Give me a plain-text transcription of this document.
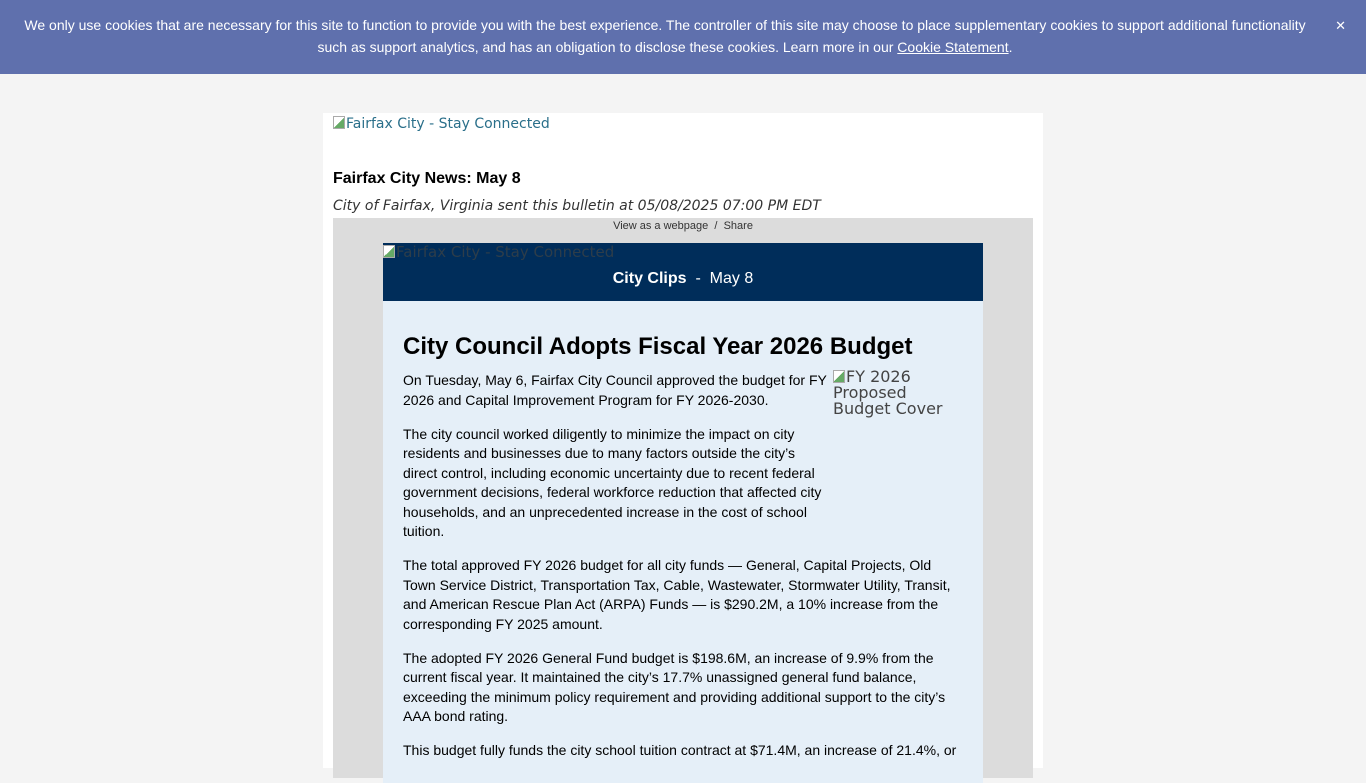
We only use cookies that are necessary for this site to function to provide you with the best experience. The controller of this site may choose to place supplementary cookies to support additional functionality such as support analytics, and has an obligation to disclose these cookies. Learn more in our Cookie Statement.
✕
Fairfax City - Stay Connected
Fairfax City News: May 8
City of Fairfax, Virginia sent this bulletin at 05/08/2025 07:00 PM EDT
View as a webpage / Share
Fairfax City - Stay Connected
City Clips - May 8
City Council Adopts Fiscal Year 2026 Budget
FY 2026 Proposed Budget Cover

On Tuesday, May 6, Fairfax City Council approved the budget for FY 2026 and Capital Improvement Program for FY 2026-2030.

The city council worked diligently to minimize the impact on city residents and businesses due to many factors outside the city’s direct control, including economic uncertainty due to recent federal government decisions, federal workforce reduction that affected city households, and an unprecedented increase in the cost of school tuition.

The total approved FY 2026 budget for all city funds — General, Capital Projects, Old Town Service District, Transportation Tax, Cable, Wastewater, Stormwater Utility, Transit, and American Rescue Plan Act (ARPA) Funds — is $290.2M, a 10% increase from the corresponding FY 2025 amount.

The adopted FY 2026 General Fund budget is $198.6M, an increase of 9.9% from the current fiscal year. It maintained the city’s 17.7% unassigned general fund balance, exceeding the minimum policy requirement and providing additional support to the city’s AAA bond rating.

This budget fully funds the city school tuition contract at $71.4M, an increase of 21.4%, or
